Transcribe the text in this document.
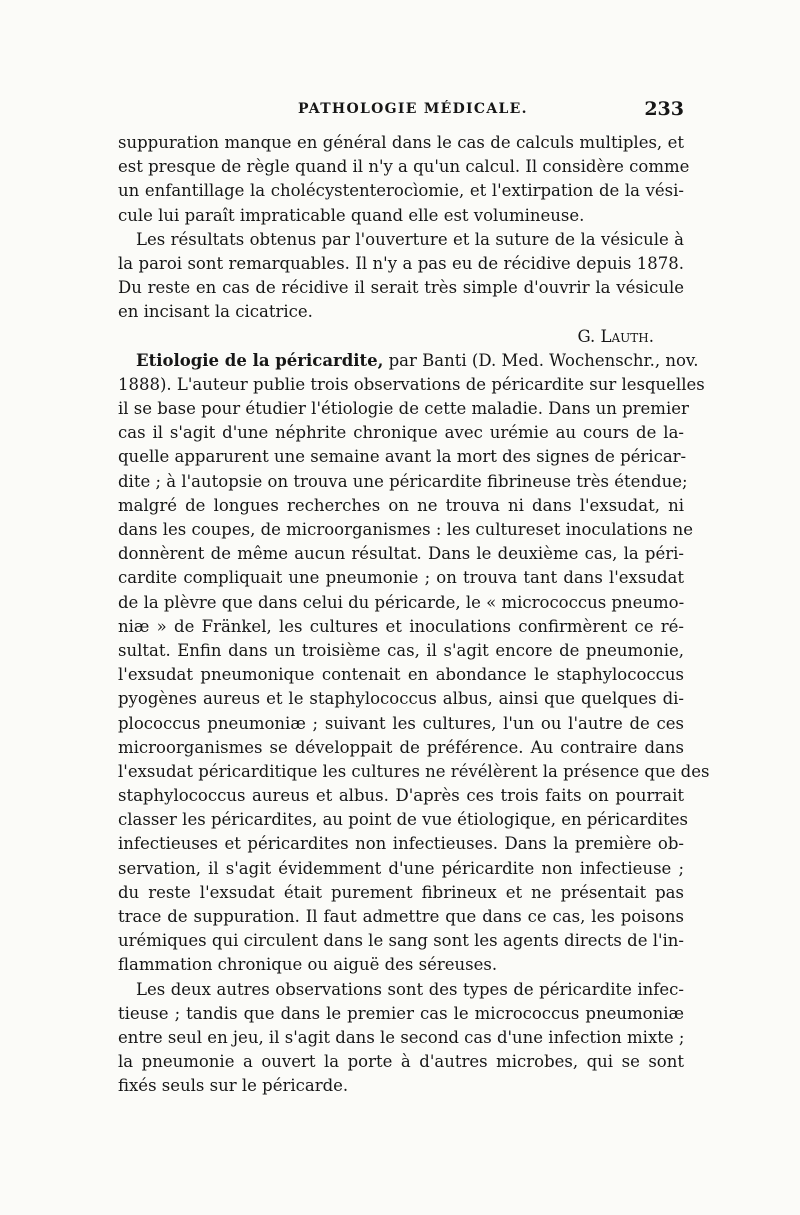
PATHOLOGIE MÉDICALE.	233
suppuration manque en général dans le cas de calculs multiples, et
est presque de règle quand il n'y a qu'un calcul. Il considère comme
un enfantillage la cholécystenterocìomie, et l'extirpation de la vési-
cule lui paraît impraticable quand elle est volumineuse.
Les résultats obtenus par l'ouverture et la suture de la vésicule à
la paroi sont remarquables. Il n'y a pas eu de récidive depuis 1878.
Du reste en cas de récidive il serait très simple d'ouvrir la vésicule
en incisant la cicatrice.
G. Lauth.
Etiologie de la péricardite, par Banti (D. Med. Wochenschr., nov.
1888). L'auteur publie trois observations de péricardite sur lesquelles
il se base pour étudier l'étiologie de cette maladie. Dans un premier
cas il s'agit d'une néphrite chronique avec urémie au cours de la-
quelle apparurent une semaine avant la mort des signes de péricar-
dite ; à l'autopsie on trouva une péricardite fibrineuse très étendue;
malgré de longues recherches on ne trouva ni dans l'exsudat, ni
dans les coupes, de microorganismes : les cultureset inoculations ne
donnèrent de même aucun résultat. Dans le deuxième cas, la péri-
cardite compliquait une pneumonie ; on trouva tant dans l'exsudat
de la plèvre que dans celui du péricarde, le « micrococcus pneumo-
niæ » de Fränkel, les cultures et inoculations confirmèrent ce ré-
sultat. Enfin dans un troisième cas, il s'agit encore de pneumonie,
l'exsudat pneumonique contenait en abondance le staphylococcus
pyogènes aureus et le staphylococcus albus, ainsi que quelques di-
plococcus pneumoniæ ; suivant les cultures, l'un ou l'autre de ces
microorganismes se développait de préférence. Au contraire dans
l'exsudat péricarditique les cultures ne révélèrent la présence que des
staphylococcus aureus et albus. D'après ces trois faits on pourrait
classer les péricardites, au point de vue étiologique, en péricardites
infectieuses et péricardites non infectieuses. Dans la première ob-
servation, il s'agit évidemment d'une péricardite non infectieuse ;
du reste l'exsudat était purement fibrineux et ne présentait pas
trace de suppuration. Il faut admettre que dans ce cas, les poisons
urémiques qui circulent dans le sang sont les agents directs de l'in-
flammation chronique ou aiguë des séreuses.
Les deux autres observations sont des types de péricardite infec-
tieuse ; tandis que dans le premier cas le micrococcus pneumoniæ
entre seul en jeu, il s'agit dans le second cas d'une infection mixte ;
la pneumonie a ouvert la porte à d'autres microbes, qui se sont
fixés seuls sur le péricarde.
